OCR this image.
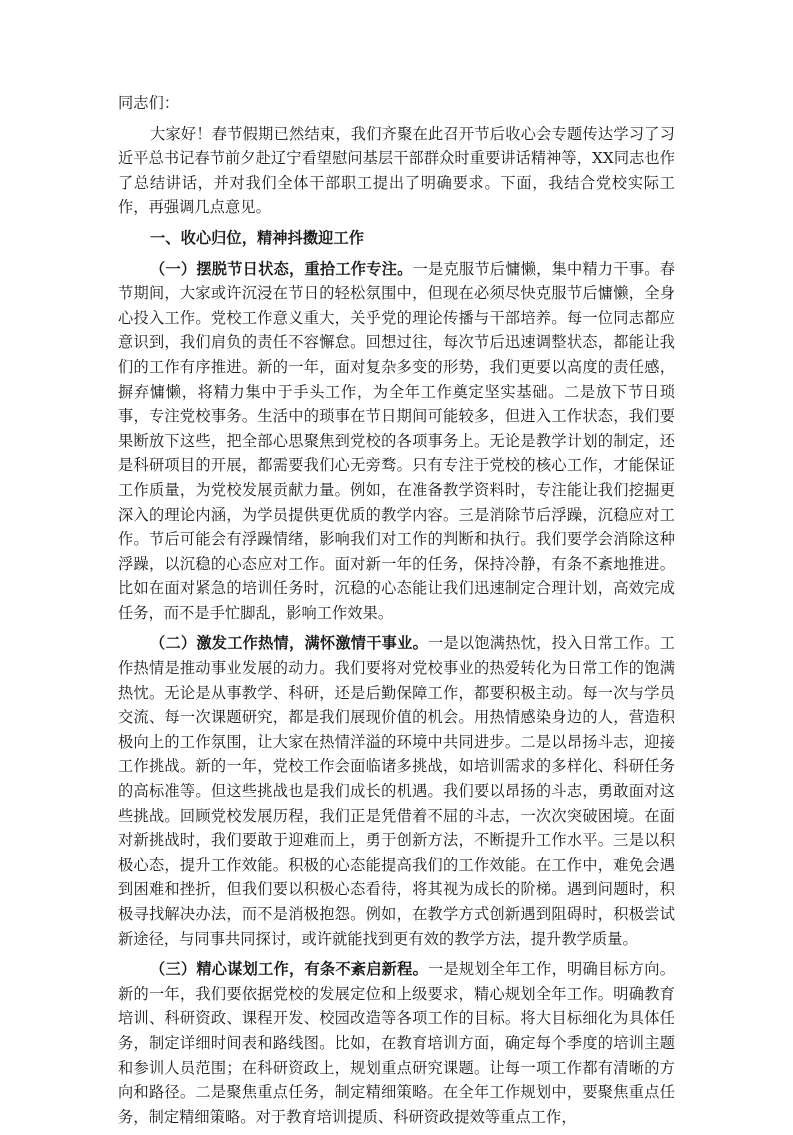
同志们：

大家好！春节假期已然结束，我们齐聚在此召开节后收心会专题传达学习了习近平总书记春节前夕赴辽宁看望慰问基层干部群众时重要讲话精神等，XX同志也作了总结讲话，并对我们全体干部职工提出了明确要求。下面，我结合党校实际工作，再强调几点意见。

一、收心归位，精神抖擞迎工作

（一）摆脱节日状态，重拾工作专注。一是克服节后慵懒，集中精力干事。春节期间，大家或许沉浸在节日的轻松氛围中，但现在必须尽快克服节后慵懒，全身心投入工作。党校工作意义重大，关乎党的理论传播与干部培养。每一位同志都应意识到，我们肩负的责任不容懈怠。回想过往，每次节后迅速调整状态，都能让我们的工作有序推进。新的一年，面对复杂多变的形势，我们更要以高度的责任感，摒弃慵懒，将精力集中于手头工作，为全年工作奠定坚实基础。二是放下节日琐事，专注党校事务。生活中的琐事在节日期间可能较多，但进入工作状态，我们要果断放下这些，把全部心思聚焦到党校的各项事务上。无论是教学计划的制定，还是科研项目的开展，都需要我们心无旁骛。只有专注于党校的核心工作，才能保证工作质量，为党校发展贡献力量。例如，在准备教学资料时，专注能让我们挖掘更深入的理论内涵，为学员提供更优质的教学内容。三是消除节后浮躁，沉稳应对工作。节后可能会有浮躁情绪，影响我们对工作的判断和执行。我们要学会消除这种浮躁，以沉稳的心态应对工作。面对新一年的任务，保持冷静，有条不紊地推进。比如在面对紧急的培训任务时，沉稳的心态能让我们迅速制定合理计划，高效完成任务，而不是手忙脚乱，影响工作效果。

（二）激发工作热情，满怀激情干事业。一是以饱满热忱，投入日常工作。工作热情是推动事业发展的动力。我们要将对党校事业的热爱转化为日常工作的饱满热忱。无论是从事教学、科研，还是后勤保障工作，都要积极主动。每一次与学员交流、每一次课题研究，都是我们展现价值的机会。用热情感染身边的人，营造积极向上的工作氛围，让大家在热情洋溢的环境中共同进步。二是以昂扬斗志，迎接工作挑战。新的一年，党校工作会面临诸多挑战，如培训需求的多样化、科研任务的高标准等。但这些挑战也是我们成长的机遇。我们要以昂扬的斗志，勇敢面对这些挑战。回顾党校发展历程，我们正是凭借着不屈的斗志，一次次突破困境。在面对新挑战时，我们要敢于迎难而上，勇于创新方法，不断提升工作水平。三是以积极心态，提升工作效能。积极的心态能提高我们的工作效能。在工作中，难免会遇到困难和挫折，但我们要以积极心态看待，将其视为成长的阶梯。遇到问题时，积极寻找解决办法，而不是消极抱怨。例如，在教学方式创新遇到阻碍时，积极尝试新途径，与同事共同探讨，或许就能找到更有效的教学方法，提升教学质量。

（三）精心谋划工作，有条不紊启新程。一是规划全年工作，明确目标方向。新的一年，我们要依据党校的发展定位和上级要求，精心规划全年工作。明确教育培训、科研资政、课程开发、校园改造等各项工作的目标。将大目标细化为具体任务，制定详细时间表和路线图。比如，在教育培训方面，确定每个季度的培训主题和参训人员范围；在科研资政上，规划重点研究课题。让每一项工作都有清晰的方向和路径。二是聚焦重点任务，制定精细策略。在全年工作规划中，要聚焦重点任务，制定精细策略。对于教育培训提质、科研资政提效等重点工作，
